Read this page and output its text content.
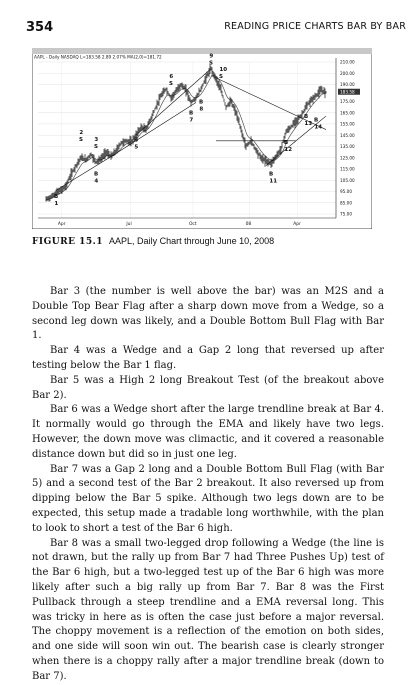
354	READING PRICE CHARTS BAR BY BAR
AAPL - Daily NASDAQ L=183.58 2.89 2.07% MA(2,0)=181.72
210.00
200.00
190.00
183.58
175.00
165.00
155.00
145.00
135.00
125.00
115.00
105.00
95.00
85.00
75.00
Apr	Jul	Oct	08	Apr
B
1
S
2
S
3
B
4
B
5
S
6
B
7
B
8
S
9
S
10
B
11
B
12
B
13
B
14
FIGURE 15.1 AAPL, Daily Chart through June 10, 2008

Bar 3 (the number is well above the bar) was an M2S and a Double Top Bear Flag after a sharp down move from a Wedge, so a second leg down was likely, and a Double Bottom Bull Flag with Bar 1.

Bar 4 was a Wedge and a Gap 2 long that reversed up after testing below the Bar 1 flag.

Bar 5 was a High 2 long Breakout Test (of the breakout above Bar 2).

Bar 6 was a Wedge short after the large trendline break at Bar 4. It normally would go through the EMA and likely have two legs. However, the down move was climactic, and it covered a reasonable distance down but did so in just one leg.

Bar 7 was a Gap 2 long and a Double Bottom Bull Flag (with Bar 5) and a second test of the Bar 2 breakout. It also reversed up from dipping below the Bar 5 spike. Although two legs down are to be expected, this setup made a tradable long worthwhile, with the plan to look to short a test of the Bar 6 high.

Bar 8 was a small two-legged drop following a Wedge (the line is not drawn, but the rally up from Bar 7 had Three Pushes Up) test of the Bar 6 high, but a two-legged test up of the Bar 6 high was more likely after such a big rally up from Bar 7. Bar 8 was the First Pullback through a steep trendline and a EMA reversal long. This was tricky in here as is often the case just before a major reversal. The choppy movement is a reflection of the emotion on both sides, and one side will soon win out. The bearish case is clearly stronger when there is a choppy rally after a major trendline break (down to Bar 7).
